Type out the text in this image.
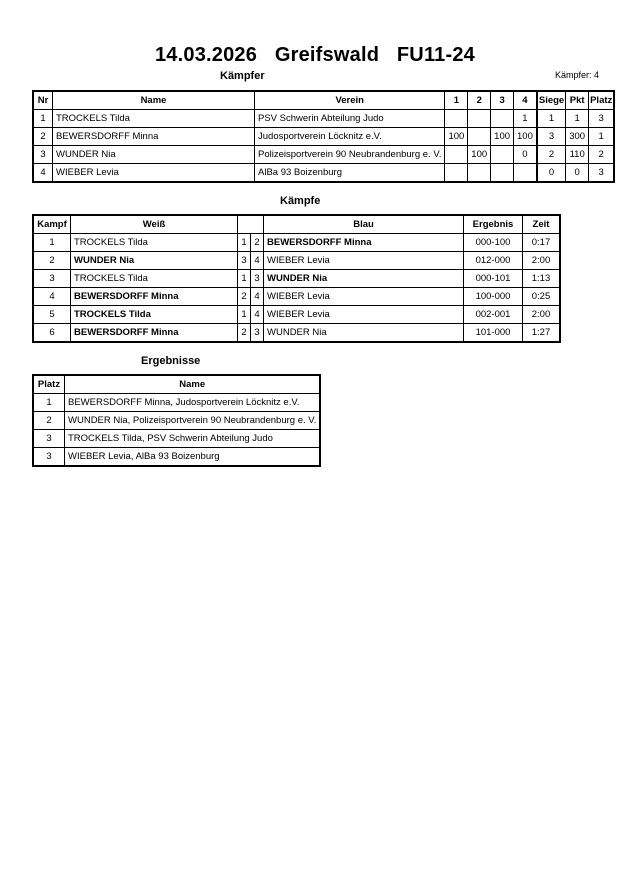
14.03.2026 Greifswald FU11-24
Kämpfer	Kämpfer: 4
Nr	Name	Verein	1	2	3	4	Siege	Pkt	Platz
1	TROCKELS Tilda	PSV Schwerin Abteilung Judo				1	1	1	3
2	BEWERSDORFF Minna	Judosportverein Löcknitz e.V.	100		100	100	3	300	1
3	WUNDER Nia	Polizeisportverein 90 Neubrandenburg e. V.		100		0	2	110	2
4	WIEBER Levia	AlBa 93 Boizenburg					0	0	3
Kämpfe
Kampf	Weiß			Blau	Ergebnis	Zeit
1	TROCKELS Tilda	1	2	BEWERSDORFF Minna	000-100	0:17
2	WUNDER Nia	3	4	WIEBER Levia	012-000	2:00
3	TROCKELS Tilda	1	3	WUNDER Nia	000-101	1:13
4	BEWERSDORFF Minna	2	4	WIEBER Levia	100-000	0:25
5	TROCKELS Tilda	1	4	WIEBER Levia	002-001	2:00
6	BEWERSDORFF Minna	2	3	WUNDER Nia	101-000	1:27
Ergebnisse
Platz	Name
1	BEWERSDORFF Minna, Judosportverein Löcknitz e.V.
2	WUNDER Nia, Polizeisportverein 90 Neubrandenburg e. V.
3	TROCKELS Tilda, PSV Schwerin Abteilung Judo
3	WIEBER Levia, AlBa 93 Boizenburg
